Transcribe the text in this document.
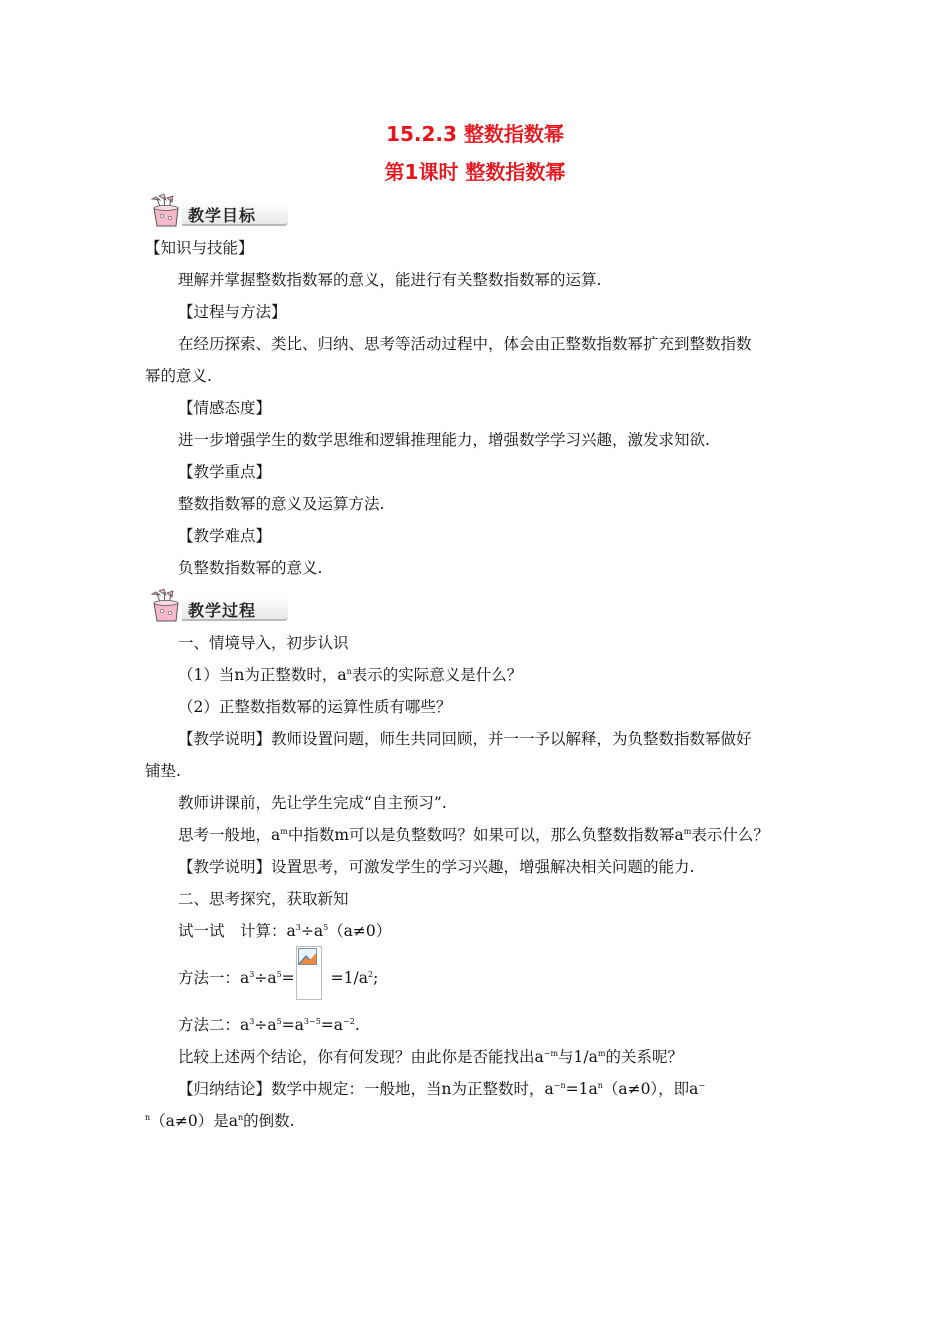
15.2.3 整数指数幂
第1课时 整数指数幂
教学目标
【知识与技能】
理解并掌握整数指数幂的意义，能进行有关整数指数幂的运算.
【过程与方法】
在经历探索、类比、归纳、思考等活动过程中，体会由正整数指数幂扩充到整数指数
幂的意义.
【情感态度】
进一步增强学生的数学思维和逻辑推理能力，增强数学学习兴趣，激发求知欲.
【教学重点】
整数指数幂的意义及运算方法.
【教学难点】
负整数指数幂的意义.
教学过程
一、情境导入，初步认识
（1）当n为正整数时，$a^n$表示的实际意义是什么？
（2）正整数指数幂的运算性质有哪些？
【教学说明】教师设置问题，师生共同回顾，并一一予以解释，为负整数指数幂做好
铺垫.
教师讲课前，先让学生完成“自主预习”.
思考一般地，$a^m$中指数m可以是负整数吗？如果可以，那么负整数指数幂$a^m$表示什么？
【教学说明】设置思考，可激发学生的学习兴趣，增强解决相关问题的能力.
二、思考探究，获取新知
试一试　计算：$a^3\div a^5(a\ne 0)$
方法一：$a^3\div a^5= =1/a^2$;
方法二：$a^3\div a^5=a^{3-5}=a^{-2}$.
比较上述两个结论，你有何发现？由此你是否能找出$a^{-m}$与$1/a^m$的关系呢？
【归纳结论】数学中规定：一般地，当n为正整数时，$a^{-n}=1a^n(a\ne 0)$，即a−
$^n$（a≠0）是$a^n$的倒数.
